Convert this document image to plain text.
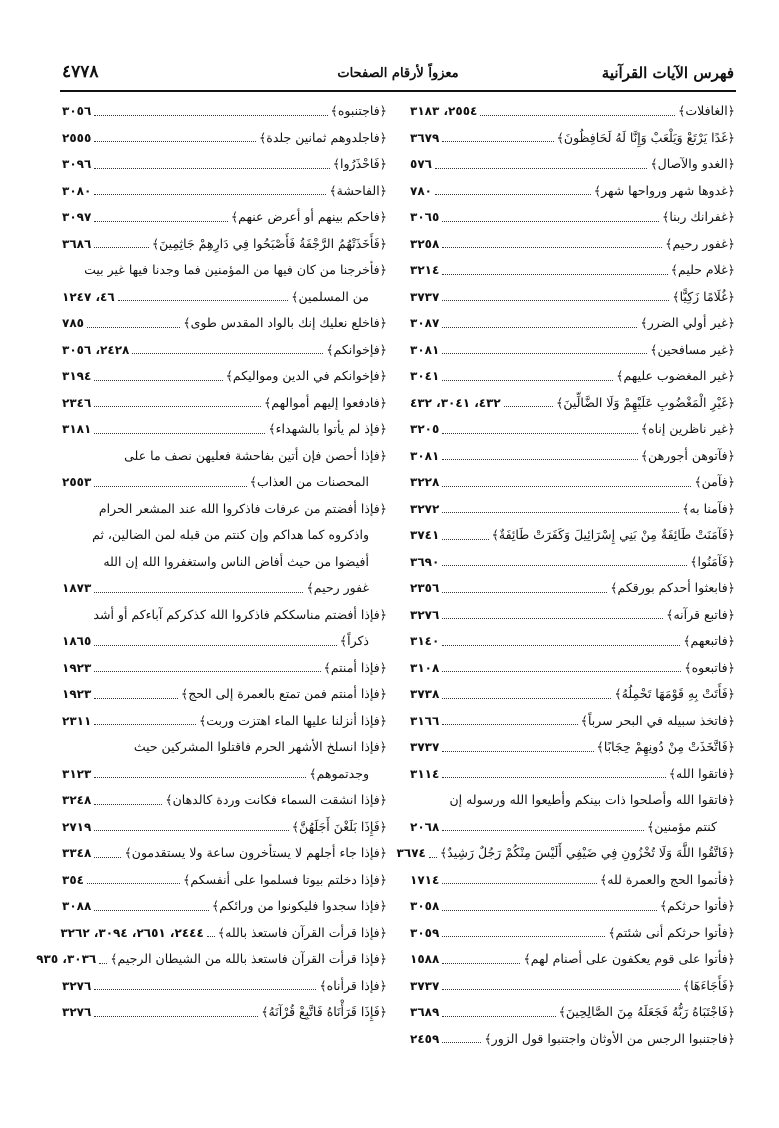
فهرس الآيات القرآنية
معزواً لأرقام الصفحات
٤٧٧٨
﴿الغافلات﴾
٢٥٥٤، ٣١٨٣
﴿غَدًا يَرْتَعْ وَيَلْعَبْ وَإِنَّا لَهُ لَحَافِظُونَ﴾
٣٦٧٩
﴿الغدو والآصال﴾
٥٧٦
﴿غدوها شهر ورواحها شهر﴾
٧٨٠
﴿غفرانك ربنا﴾
٣٠٦٥
﴿غفور رحيم﴾
٣٢٥٨
﴿غلام حليم﴾
٣٢١٤
﴿غُلَامًا زَكِيًّا﴾
٣٧٣٧
﴿غير أولي الضرر﴾
٣٠٨٧
﴿غير مسافحين﴾
٣٠٨١
﴿غير المغضوب عليهم﴾
٣٠٤١
﴿غَيْرِ الْمَغْضُوبِ عَلَيْهِمْ وَلَا الضَّالِّينَ﴾
٤٣٢، ٣٠٤١، ٤٣٢
﴿غير ناظرين إناه﴾
٣٢٠٥
﴿فآتوهن أجورهن﴾
٣٠٨١
﴿فآمن﴾
٣٢٢٨
﴿فآمنا به﴾
٣٢٧٢
﴿فَآمَنَتْ طَائِفَةٌ مِنْ بَنِي إِسْرَائِيلَ وَكَفَرَتْ طَائِفَةٌ﴾
٣٧٤١
﴿فَآمَنُوا﴾
٣٦٩٠
﴿فابعثوا أحدكم بورقكم﴾
٢٣٥٦
﴿فاتبع قرآنه﴾
٣٢٧٦
﴿فاتبعهم﴾
٣١٤٠
﴿فاتبعوه﴾
٣١٠٨
﴿فَأَتَتْ بِهِ قَوْمَهَا تَحْمِلُهُ﴾
٣٧٣٨
﴿فاتخذ سبيله في البحر سرباً﴾
٣١٦٦
﴿فَاتَّخَذَتْ مِنْ دُونِهِمْ حِجَابًا﴾
٣٧٣٧
﴿فاتقوا الله﴾
٣١١٤
﴿فاتقوا الله وأصلحوا ذات بينكم وأطيعوا الله ورسوله إن
كنتم مؤمنين﴾
٢٠٦٨
﴿فَاتَّقُوا اللَّهَ وَلَا تُخْزُونِ فِي ضَيْفِي أَلَيْسَ مِنْكُمْ رَجُلٌ رَشِيدٌ﴾
٣٦٧٤
﴿فأتموا الحج والعمرة لله﴾
١٧١٤
﴿فأتوا حرثكم﴾
٣٠٥٨
﴿فأتوا حرثكم أنى شئتم﴾
٣٠٥٩
﴿فأتوا على قوم يعكفون على أصنام لهم﴾
١٥٨٨
﴿فَأَجَاءَهَا﴾
٣٧٣٧
﴿فَاجْتَبَاهُ رَبُّهُ فَجَعَلَهُ مِنَ الصَّالِحِينَ﴾
٣٦٨٩
﴿فاجتنبوا الرجس من الأوثان واجتنبوا قول الزور﴾
٢٤٥٩
﴿فاجتنبوه﴾
٣٠٥٦
﴿فاجلدوهم ثمانين جلدة﴾
٢٥٥٥
﴿فَاحْذَرُوا﴾
٣٠٩٦
﴿الفاحشة﴾
٣٠٨٠
﴿فاحكم بينهم أو أعرض عنهم﴾
٣٠٩٧
﴿فَأَخَذَتْهُمُ الرَّجْفَةُ فَأَصْبَحُوا فِي دَارِهِمْ جَاثِمِينَ﴾
٣٦٨٦
﴿فأخرجنا من كان فيها من المؤمنين فما وجدنا فيها غير بيت
من المسلمين﴾
٤٦، ١٢٤٧
﴿فاخلع نعليك إنك بالواد المقدس طوى﴾
٧٨٥
﴿فإخوانكم﴾
٢٤٢٨، ٣٠٥٦
﴿فإخوانكم في الدين ومواليكم﴾
٣١٩٤
﴿فادفعوا إليهم أموالهم﴾
٢٣٤٦
﴿فإذ لم يأتوا بالشهداء﴾
٣١٨١
﴿فإذا أحصن فإن أتين بفاحشة فعليهن نصف ما على
المحصنات من العذاب﴾
٢٥٥٣
﴿فإذا أفضتم من عرفات فاذكروا الله عند المشعر الحرام
واذكروه كما هداكم وإن كنتم من قبله لمن الضالين، ثم
أفيضوا من حيث أفاض الناس واستغفروا الله إن الله
غفور رحيم﴾
١٨٧٣
﴿فإذا أفضتم مناسككم فاذكروا الله كذكركم آباءكم أو أشد
ذكراً﴾
١٨٦٥
﴿فإذا أمنتم﴾
١٩٢٣
﴿فإذا أمنتم فمن تمتع بالعمرة إلى الحج﴾
١٩٢٣
﴿فإذا أنزلنا عليها الماء اهتزت وربت﴾
٢٣١١
﴿فإذا انسلخ الأشهر الحرم فاقتلوا المشركين حيث
وجدتموهم﴾
٣١٢٣
﴿فإذا انشقت السماء فكانت وردة كالدهان﴾
٣٢٤٨
﴿فَإِذَا بَلَغْنَ أَجَلَهُنَّ﴾
٢٧١٩
﴿فإذا جاء أجلهم لا يستأخرون ساعة ولا يستقدمون﴾
٣٣٤٨
﴿فإذا دخلتم بيوتا فسلموا على أنفسكم﴾
٣٥٤
﴿فإذا سجدوا فليكونوا من ورائكم﴾
٣٠٨٨
﴿فإذا قرأت القرآن فاستعذ بالله﴾
٢٤٤٤، ٢٦٥١، ٣٠٩٤، ٣٢٦٢
﴿فإذا قرأت القرآن فاستعذ بالله من الشيطان الرجيم﴾
٣٠٣٦، ٩٣٥
﴿فإذا قرأناه﴾
٣٢٧٦
﴿فَإِذَا قَرَأْنَاهُ فَاتَّبِعْ قُرْآنَهُ﴾
٣٢٧٦
